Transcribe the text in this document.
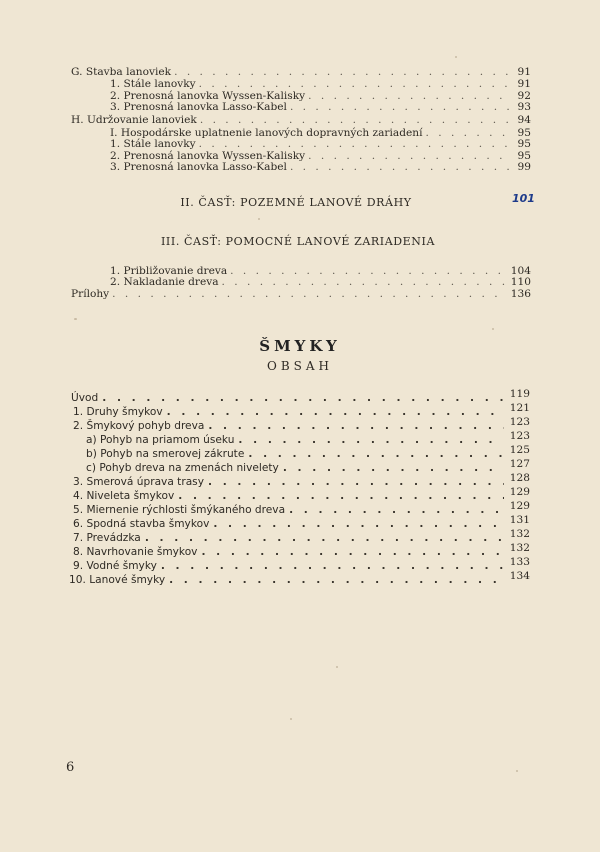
G. Stavba lanoviek . . .	91
1. Stále lanovky . . .	91
2. Prenosná lanovka Wyssen-Kalisky . . .	92
3. Prenosná lanovka Lasso-Kabel . . .	93
H. Udržovanie lanoviek . . .	94
I. Hospodárske uplatnenie lanových dopravných zariadení . . .	95
1. Stále lanovky . . .	95
2. Prenosná lanovka Wyssen-Kalisky . . .	95
3. Prenosná lanovka Lasso-Kabel . . .	99
II. ČASŤ: POZEMNÉ LANOVÉ DRÁHY	101
III. ČASŤ: POMOCNÉ LANOVÉ ZARIADENIA
1. Približovanie dreva . . .	104
2. Nakladanie dreva . . .	110
Prílohy . . .	136
ŠMYKY
OBSAH
Úvod . . .	119
1. Druhy šmykov . . .	121
2. Šmykový pohyb dreva . . .	123
a) Pohyb na priamom úseku . . .	123
b) Pohyb na smerovej zákrute . . .	125
c) Pohyb dreva na zmenách nivelety . . .	127
3. Smerová úprava trasy . . .	128
4. Niveleta šmykov . . .	129
5. Miernenie rýchlosti šmýkaného dreva . . .	129
6. Spodná stavba šmykov . . .	131
7. Prevádzka . . .	132
8. Navrhovanie šmykov . . .	132
9. Vodné šmyky . . .	133
10. Lanové šmyky . . .	134
6
